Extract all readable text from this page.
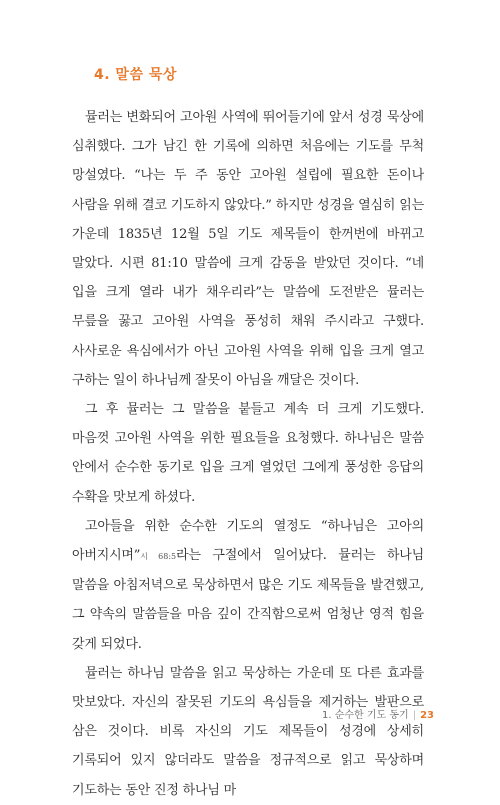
4. 말씀 묵상

뮬러는 변화되어 고아원 사역에 뛰어들기에 앞서 성경 묵상에 심취했다. 그가 남긴 한 기록에 의하면 처음에는 기도를 무척 망설였다. “나는 두 주 동안 고아원 설립에 필요한 돈이나 사람을 위해 결코 기도하지 않았다.” 하지만 성경을 열심히 읽는 가운데 1835년 12월 5일 기도 제목들이 한꺼번에 바뀌고 말았다. 시편 81:10 말씀에 크게 감동을 받았던 것이다. “네 입을 크게 열라 내가 채우리라”는 말씀에 도전받은 뮬러는 무릎을 꿇고 고아원 사역을 풍성히 채워 주시라고 구했다. 사사로운 욕심에서가 아닌 고아원 사역을 위해 입을 크게 열고 구하는 일이 하나님께 잘못이 아님을 깨달은 것이다.

그 후 뮬러는 그 말씀을 붙들고 계속 더 크게 기도했다. 마음껏 고아원 사역을 위한 필요들을 요청했다. 하나님은 말씀 안에서 순수한 동기로 입을 크게 열었던 그에게 풍성한 응답의 수확을 맛보게 하셨다.

고아들을 위한 순수한 기도의 열정도 “하나님은 고아의 아버지시며”시 68:5라는 구절에서 일어났다. 뮬러는 하나님 말씀을 아침저녁으로 묵상하면서 많은 기도 제목들을 발견했고, 그 약속의 말씀들을 마음 깊이 간직함으로써 엄청난 영적 힘을 갖게 되었다.

뮬러는 하나님 말씀을 읽고 묵상하는 가운데 또 다른 효과를 맛보았다. 자신의 잘못된 기도의 욕심들을 제거하는 발판으로 삼은 것이다. 비록 자신의 기도 제목들이 성경에 상세히 기록되어 있지 않더라도 말씀을 정규적으로 읽고 묵상하며 기도하는 동안 진정 하나님 마

1. 순수한 기도 동기 | 23
